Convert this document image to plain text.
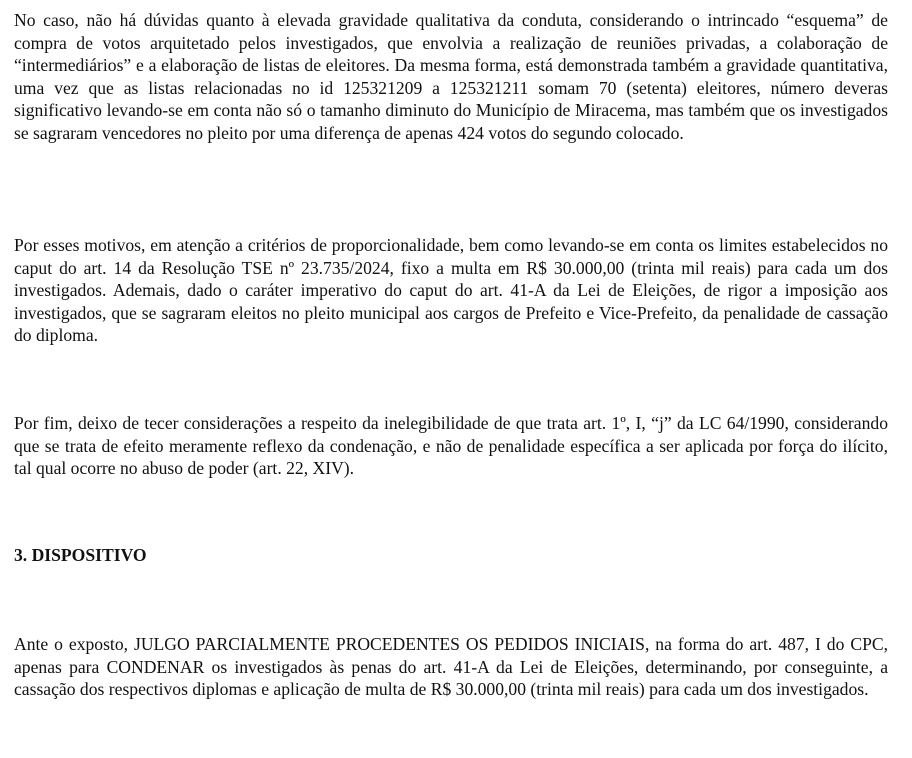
No caso, não há dúvidas quanto à elevada gravidade qualitativa da conduta, considerando o intrincado “esquema” de compra de votos arquitetado pelos investigados, que envolvia a realização de reuniões privadas, a colaboração de “intermediários” e a elaboração de listas de eleitores. Da mesma forma, está demonstrada também a gravidade quantitativa, uma vez que as listas relacionadas no id 125321209 a 125321211 somam 70 (setenta) eleitores, número deveras significativo levando-se em conta não só o tamanho diminuto do Município de Miracema, mas também que os investigados se sagraram vencedores no pleito por uma diferença de apenas 424 votos do segundo colocado.

Por esses motivos, em atenção a critérios de proporcionalidade, bem como levando-se em conta os limites estabelecidos no caput do art. 14 da Resolução TSE nº 23.735/2024, fixo a multa em R$ 30.000,00 (trinta mil reais) para cada um dos investigados. Ademais, dado o caráter imperativo do caput do art. 41-A da Lei de Eleições, de rigor a imposição aos investigados, que se sagraram eleitos no pleito municipal aos cargos de Prefeito e Vice-Prefeito, da penalidade de cassação do diploma.

Por fim, deixo de tecer considerações a respeito da inelegibilidade de que trata art. 1º, I, “j” da LC 64/1990, considerando que se trata de efeito meramente reflexo da condenação, e não de penalidade específica a ser aplicada por força do ilícito, tal qual ocorre no abuso de poder (art. 22, XIV).

3. DISPOSITIVO

Ante o exposto, JULGO PARCIALMENTE PROCEDENTES OS PEDIDOS INICIAIS, na forma do art. 487, I do CPC, apenas para CONDENAR os investigados às penas do art. 41-A da Lei de Eleições, determinando, por conseguinte, a cassação dos respectivos diplomas e aplicação de multa de R$ 30.000,00 (trinta mil reais) para cada um dos investigados.
